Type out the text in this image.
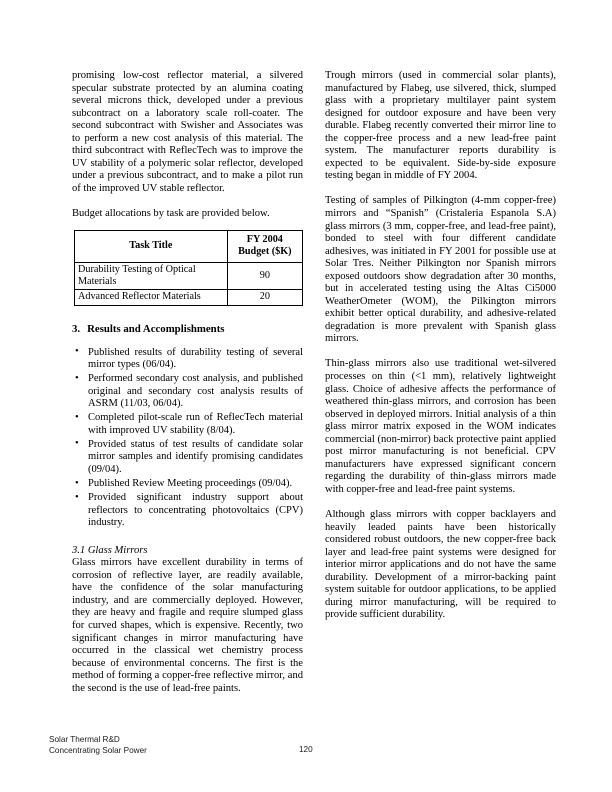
promising low-cost reflector material, a silvered specular substrate protected by an alumina coating several microns thick, developed under a previous subcontract on a laboratory scale roll-coater. The second subcontract with Swisher and Associates was to perform a new cost analysis of this material. The third subcontract with ReflecTech was to improve the UV stability of a polymeric solar reflector, developed under a previous subcontract, and to make a pilot run of the improved UV stable reflector.

Budget allocations by task are provided below.

Task Title	FY 2004
Budget ($K)
Durability Testing of Optical Materials	90
Advanced Reflector Materials	20
3. Results and Accomplishments
• Published results of durability testing of several mirror types (06/04).
• Performed secondary cost analysis, and published original and secondary cost analysis results of ASRM (11/03, 06/04).
• Completed pilot-scale run of ReflecTech material with improved UV stability (8/04).
• Provided status of test results of candidate solar mirror samples and identify promising candidates (09/04).
• Published Review Meeting proceedings (09/04).
• Provided significant industry support about reflectors to concentrating photovoltaics (CPV) industry.
3.1 Glass Mirrors

Glass mirrors have excellent durability in terms of corrosion of reflective layer, are readily available, have the confidence of the solar manufacturing industry, and are commercially deployed. However, they are heavy and fragile and require slumped glass for curved shapes, which is expensive. Recently, two significant changes in mirror manufacturing have occurred in the classical wet chemistry process because of environmental concerns. The first is the method of forming a copper-free reflective mirror, and the second is the use of lead-free paints.

Trough mirrors (used in commercial solar plants), manufactured by Flabeg, use silvered, thick, slumped glass with a proprietary multilayer paint system designed for outdoor exposure and have been very durable. Flabeg recently converted their mirror line to the copper-free process and a new lead-free paint system. The manufacturer reports durability is expected to be equivalent. Side-by-side exposure testing began in middle of FY 2004.

Testing of samples of Pilkington (4-mm copper-free) mirrors and “Spanish” (Cristaleria Espanola S.A) glass mirrors (3 mm, copper-free, and lead-free paint), bonded to steel with four different candidate adhesives, was initiated in FY 2001 for possible use at Solar Tres. Neither Pilkington nor Spanish mirrors exposed outdoors show degradation after 30 months, but in accelerated testing using the Altas Ci5000 WeatherOmeter (WOM), the Pilkington mirrors exhibit better optical durability, and adhesive-related degradation is more prevalent with Spanish glass mirrors.

Thin-glass mirrors also use traditional wet-silvered processes on thin (<1 mm), relatively lightweight glass. Choice of adhesive affects the performance of weathered thin-glass mirrors, and corrosion has been observed in deployed mirrors. Initial analysis of a thin glass mirror matrix exposed in the WOM indicates commercial (non-mirror) back protective paint applied post mirror manufacturing is not beneficial. CPV manufacturers have expressed significant concern regarding the durability of thin-glass mirrors made with copper-free and lead-free paint systems.

Although glass mirrors with copper backlayers and heavily leaded paints have been historically considered robust outdoors, the new copper-free back layer and lead-free paint systems were designed for interior mirror applications and do not have the same durability. Development of a mirror-backing paint system suitable for outdoor applications, to be applied during mirror manufacturing, will be required to provide sufficient durability.

Solar Thermal R&D
Concentrating Solar Power	120
